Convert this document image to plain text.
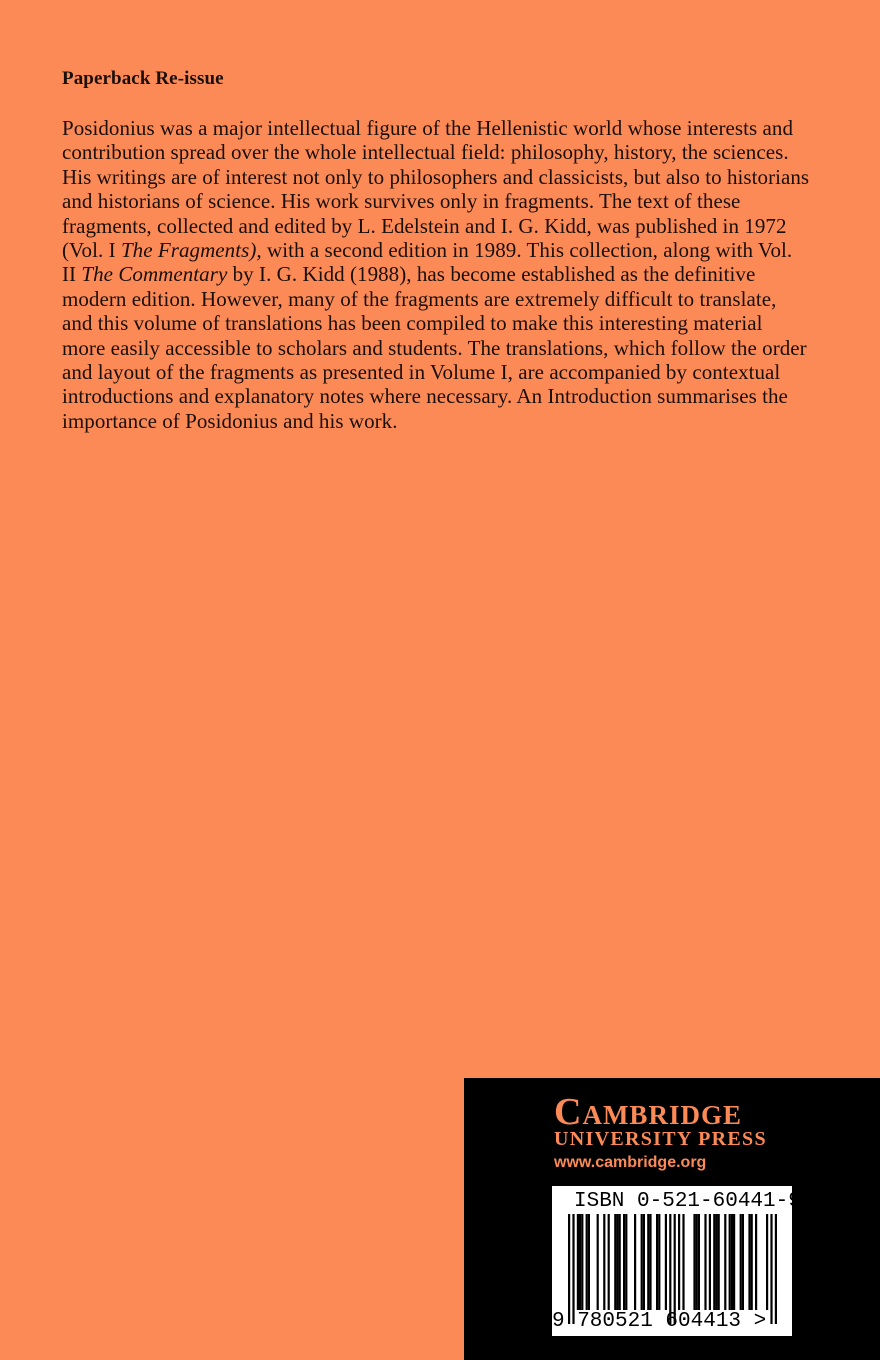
Paperback Re-issue
Posidonius was a major intellectual figure of the Hellenistic world whose interests and
contribution spread over the whole intellectual field: philosophy, history, the sciences.
His writings are of interest not only to philosophers and classicists, but also to historians
and historians of science. His work survives only in fragments. The text of these
fragments, collected and edited by L. Edelstein and I. G. Kidd, was published in 1972
(Vol. I The Fragments), with a second edition in 1989. This collection, along with Vol.
II The Commentary by I. G. Kidd (1988), has become established as the definitive
modern edition. However, many of the fragments are extremely difficult to translate,
and this volume of translations has been compiled to make this interesting material
more easily accessible to scholars and students. The translations, which follow the order
and layout of the fragments as presented in Volume I, are accompanied by contextual
introductions and explanatory notes where necessary. An Introduction summarises the
importance of Posidonius and his work.
CAMBRIDGE
UNIVERSITY PRESS
www.cambridge.org
ISBN 0-521-60441-9
9 780521 604413 >
